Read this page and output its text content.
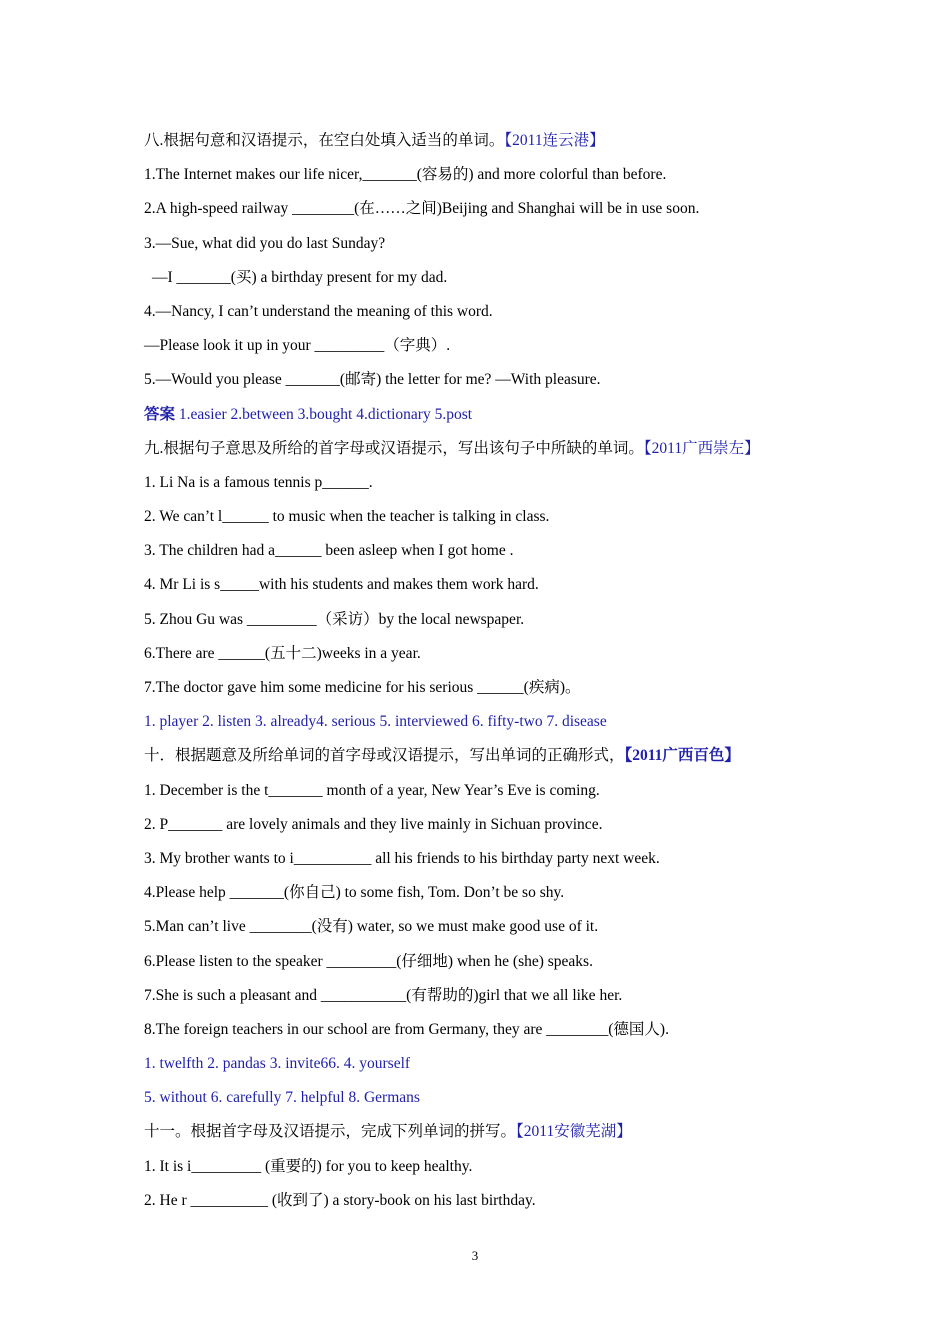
八.根据句意和汉语提示，在空白处填入适当的单词。【2011连云港】
1.The Internet makes our life nicer,_______(容易的) and more colorful than before.
2.A high-speed railway ________(在……之间)Beijing and Shanghai will be in use soon.
3.—Sue, what did you do last Sunday?
—I _______(买) a birthday present for my dad.
4.—Nancy, I can’t understand the meaning of this word.
—Please look it up in your _________（字典）.
5.—Would you please _______(邮寄) the letter for me? —With pleasure.
答案 1.easier 2.between 3.bought 4.dictionary 5.post
九.根据句子意思及所给的首字母或汉语提示，写出该句子中所缺的单词。【2011广西崇左】
1. Li Na is a famous tennis p______.
2. We can’t l______ to music when the teacher is talking in class.
3. The children had a______ been asleep when I got home .
4. Mr Li is s_____with his students and makes them work hard.
5. Zhou Gu was _________（采访）by the local newspaper.
6.There are ______(五十二)weeks in a year.
7.The doctor gave him some medicine for his serious ______(疾病)。
1. player 2. listen 3. already4. serious 5. interviewed 6. fifty-two 7. disease
十．根据题意及所给单词的首字母或汉语提示，写出单词的正确形式，【2011广西百色】
1. December is the t_______ month of a year, New Year’s Eve is coming.
2. P_______ are lovely animals and they live mainly in Sichuan province.
3. My brother wants to i__________ all his friends to his birthday party next week.
4.Please help _______(你自己) to some fish, Tom. Don’t be so shy.
5.Man can’t live ________(没有) water, so we must make good use of it.
6.Please listen to the speaker _________(仔细地) when he (she) speaks.
7.She is such a pleasant and ___________(有帮助的)girl that we all like her.
8.The foreign teachers in our school are from Germany, they are ________(德国人).
1. twelfth 2. pandas 3. invite66. 4. yourself
5. without 6. carefully 7. helpful 8. Germans
十一。根据首字母及汉语提示，完成下列单词的拼写。【2011安徽芜湖】
1. It is i_________ (重要的) for you to keep healthy.
2. He r __________ (收到了) a story-book on his last birthday.
3
